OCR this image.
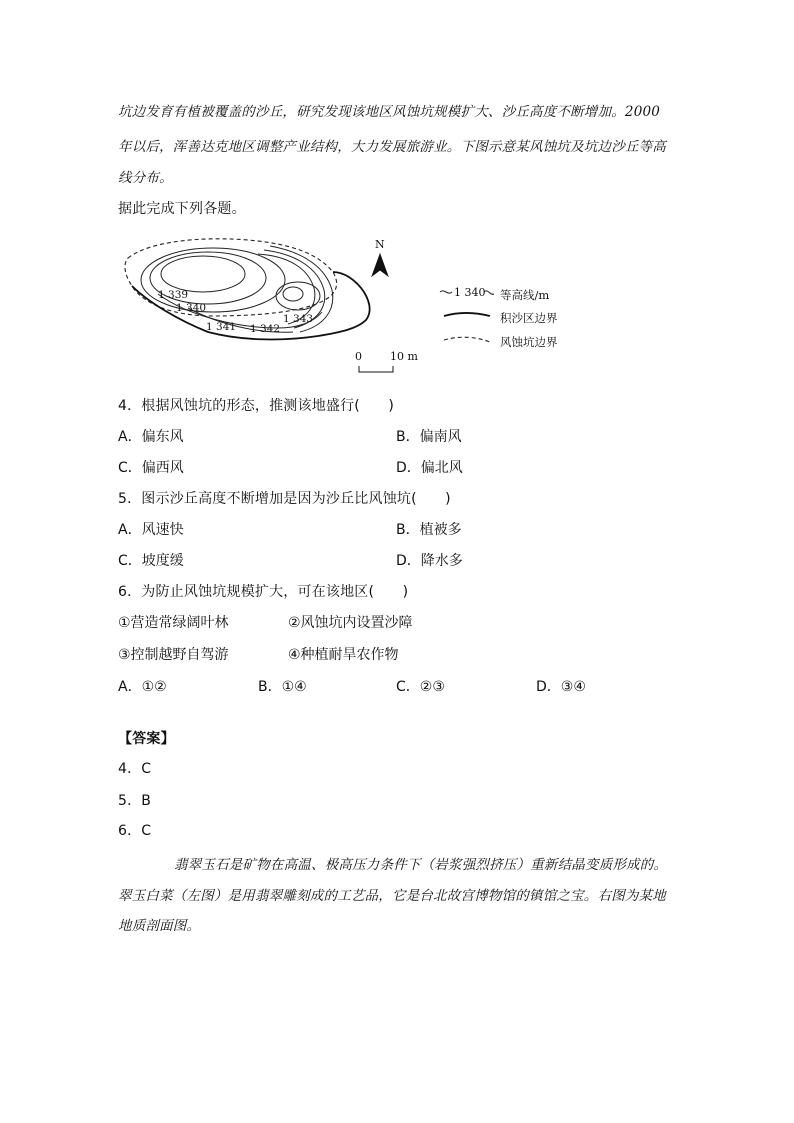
坑边发育有植被覆盖的沙丘，研究发现该地区风蚀坑规模扩大、沙丘高度不断增加。2000
年以后，浑善达克地区调整产业结构，大力发展旅游业。下图示意某风蚀坑及坑边沙丘等高
线分布。
据此完成下列各题。
1 339
1 340
1 341 1 342
1 343
N
1 340
0	10 m
等高线/m
积沙区边界
风蚀坑边界
4．根据风蚀坑的形态，推测该地盛行(　　)
A．偏东风	B．偏南风
C．偏西风	D．偏北风
5．图示沙丘高度不断增加是因为沙丘比风蚀坑(　　)
A．风速快	B．植被多
C．坡度缓	D．降水多
6．为防止风蚀坑规模扩大，可在该地区(　　)
①营造常绿阔叶林	②风蚀坑内设置沙障
③控制越野自驾游	④种植耐旱农作物
A．①②	B．①④	C．②③	D．③④
【答案】
4．C
5．B
6．C
翡翠玉石是矿物在高温、极高压力条件下（岩浆强烈挤压）重新结晶变质形成的。
翠玉白菜（左图）是用翡翠雕刻成的工艺品，它是台北故宫博物馆的镇馆之宝。右图为某地
地质剖面图。
